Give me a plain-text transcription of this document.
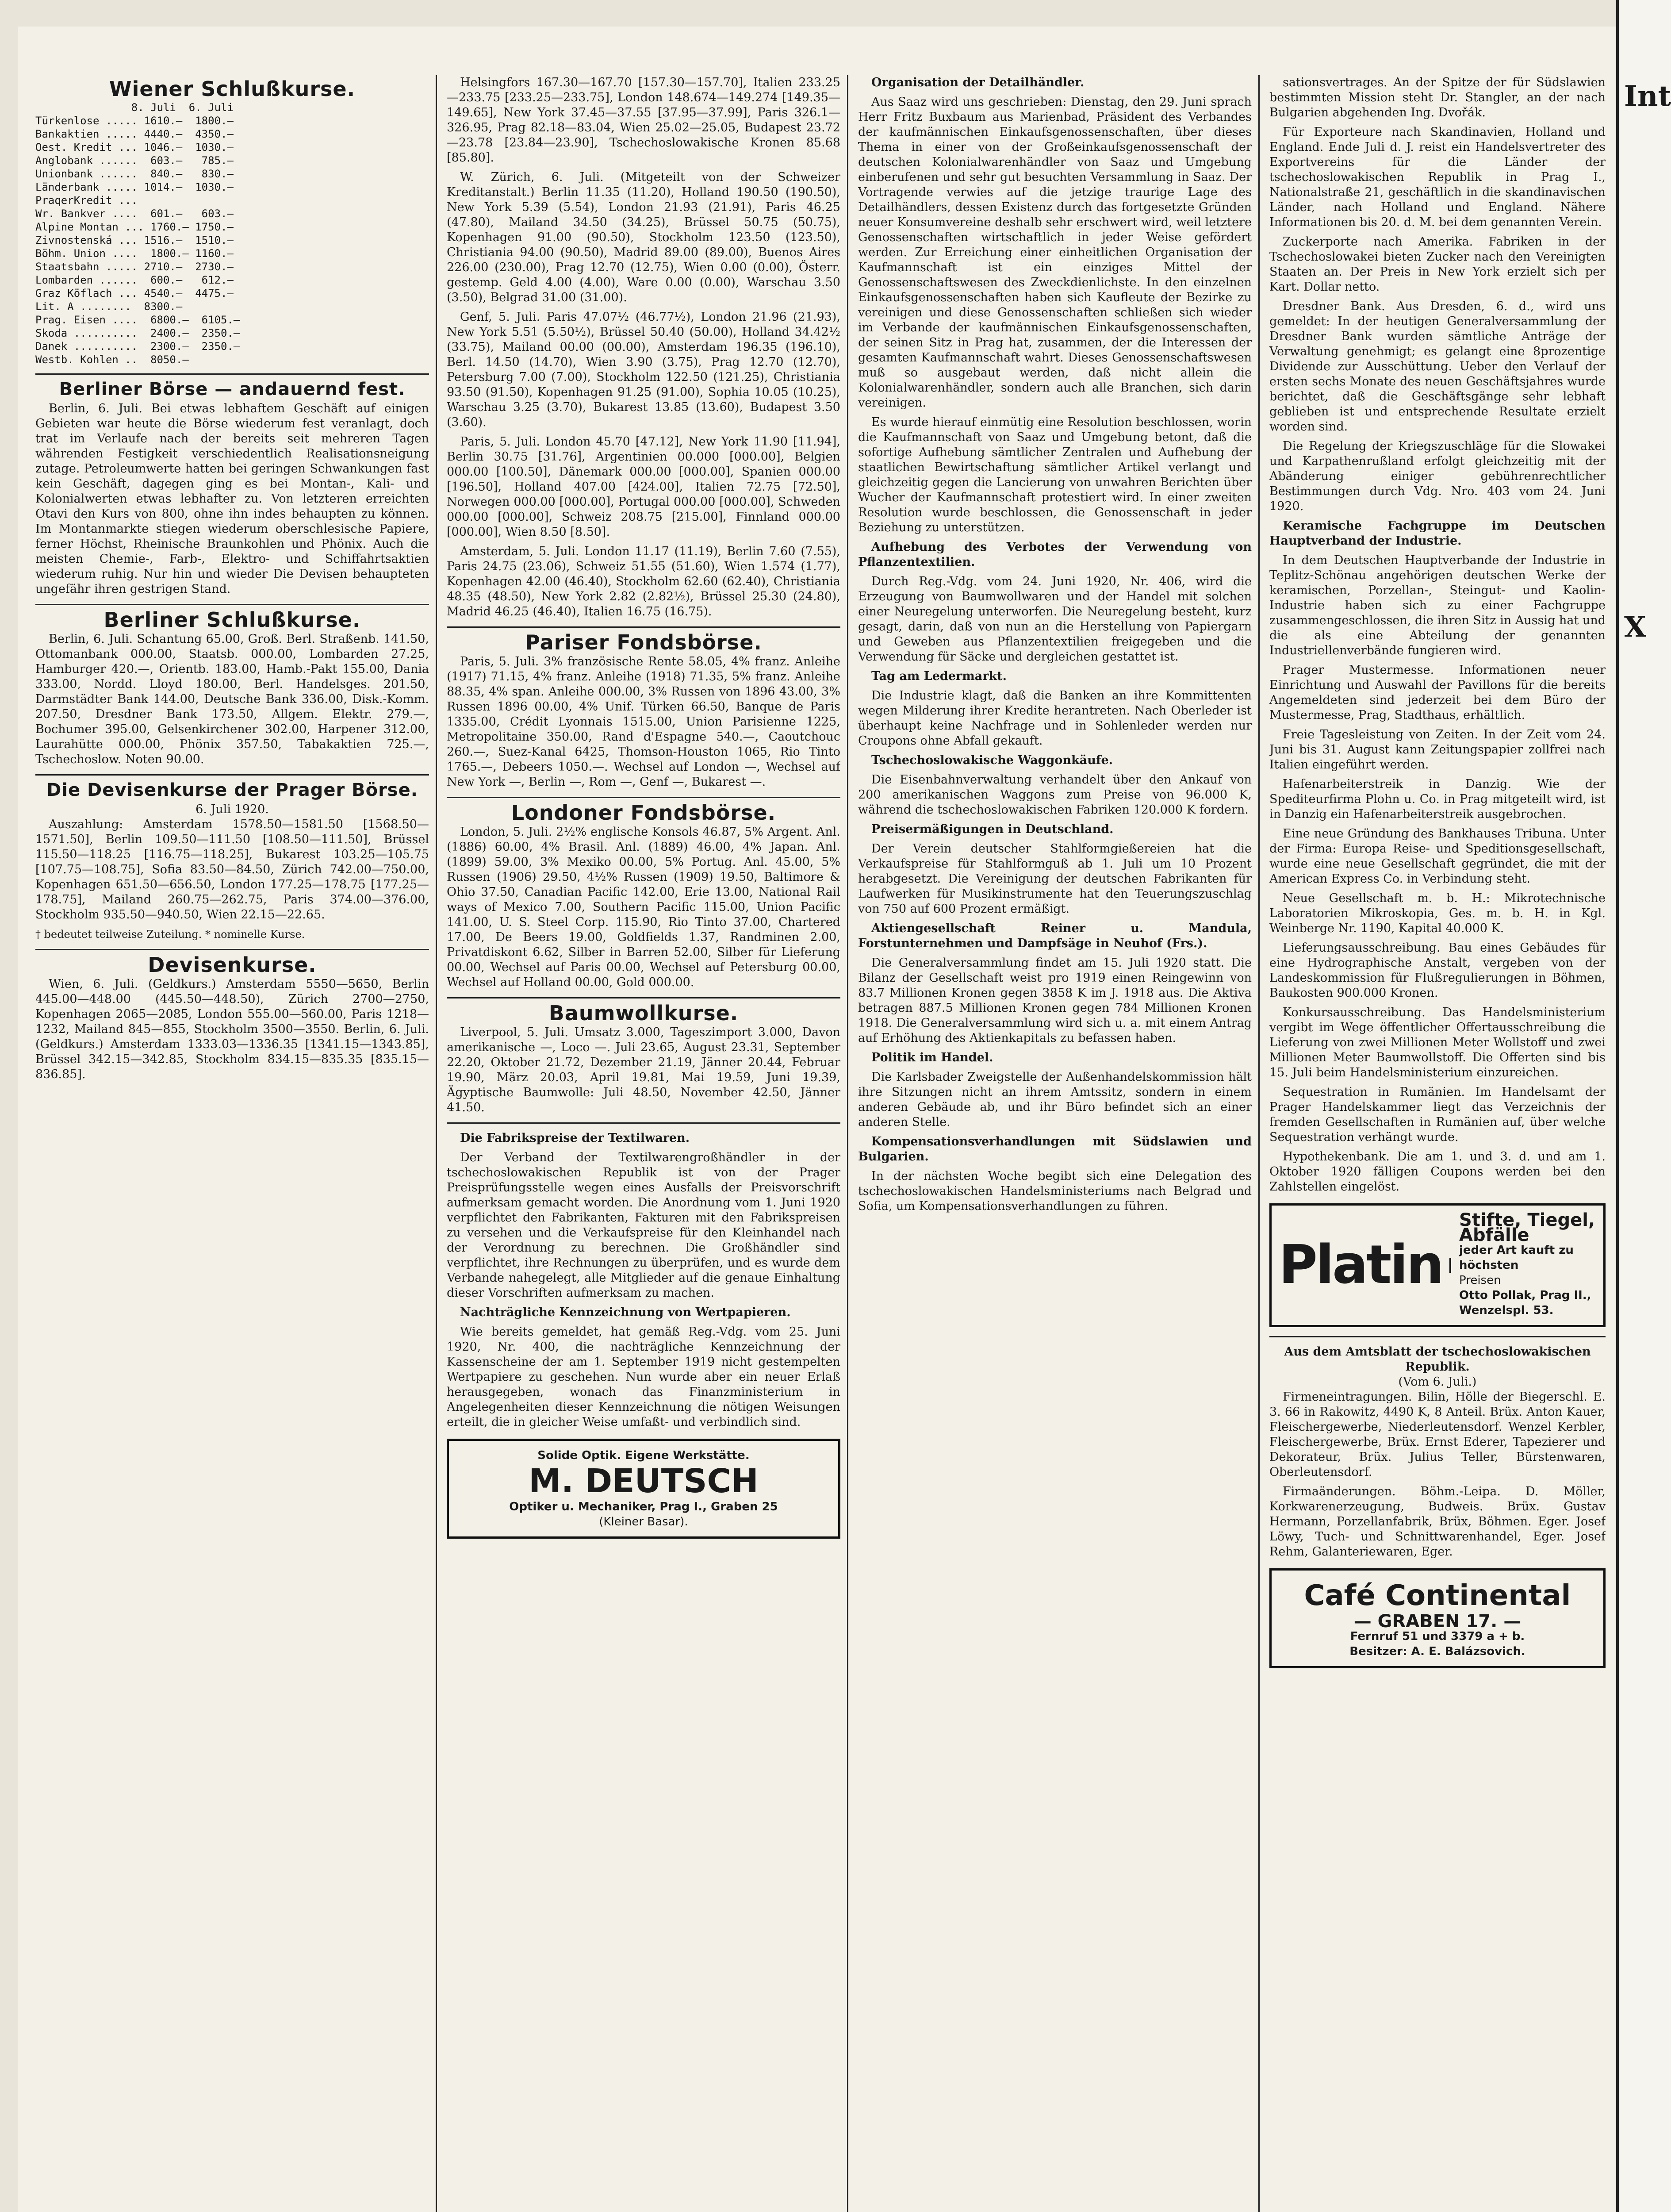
Wiener Schlußkurse.
8. Juli  6. Juli
Türkenlose ..... 1610.—  1800.—
Bankaktien ..... 4440.—  4350.—
Oest. Kredit ... 1046.—  1030.—
Anglobank ......  603.—   785.—
Unionbank ......  840.—   830.—
Länderbank ..... 1014.—  1030.—
PraqerKredit ...
Wr. Bankver ....  601.—   603.—
Alpine Montan ... 1760.— 1750.—
Zivnostenská ... 1516.—  1510.—
Böhm. Union ....  1800.— 1160.—
Staatsbahn ..... 2710.—  2730.—
Lombarden ......  600.—   612.—
Graz Köflach ... 4540.—  4475.—
Lit. A ........  8300.—
Prag. Eisen ....  6800.—  6105.—
Skoda ..........  2400.—  2350.—
Danek ..........  2300.—  2350.—
Westb. Kohlen ..  8050.—
Berliner Börse — andauernd fest.

Berlin, 6. Juli. Bei etwas lebhaftem Geschäft auf einigen Gebieten war heute die Börse wiederum fest veranlagt, doch trat im Verlaufe nach der bereits seit mehreren Tagen währenden Festigkeit verschiedentlich Realisationsneigung zutage. Petroleumwerte hatten bei geringen Schwankungen fast kein Geschäft, dagegen ging es bei Montan-, Kali- und Kolonialwerten etwas lebhafter zu. Von letzteren erreichten Otavi den Kurs von 800, ohne ihn indes behaupten zu können. Im Montanmarkte stiegen wiederum oberschlesische Papiere, ferner Höchst, Rheinische Braunkohlen und Phönix. Auch die meisten Chemie-, Farb-, Elektro- und Schiffahrtsaktien wiederum ruhig. Nur hin und wieder Die Devisen behaupteten ungefähr ihren gestrigen Stand.

Berliner Schlußkurse.

Berlin, 6. Juli. Schantung 65.00, Groß. Berl. Straßenb. 141.50, Ottomanbank 000.00, Staatsb. 000.00, Lombarden 27.25, Hamburger 420.—, Orientb. 183.00, Hamb.-Pakt 155.00, Dania 333.00, Nordd. Lloyd 180.00, Berl. Handelsges. 201.50, Darmstädter Bank 144.00, Deutsche Bank 336.00, Disk.-Komm. 207.50, Dresdner Bank 173.50, Allgem. Elektr. 279.—, Bochumer 395.00, Gelsenkirchener 302.00, Harpener 312.00, Laurahütte 000.00, Phönix 357.50, Tabakaktien 725.—, Tschechoslow. Noten 90.00.

Die Devisenkurse der Prager Börse.
6. Juli 1920.

Auszahlung: Amsterdam 1578.50—1581.50 [1568.50—1571.50], Berlin 109.50—111.50 [108.50—111.50], Brüssel 115.50—118.25 [116.75—118.25], Bukarest 103.25—105.75 [107.75—108.75], Sofia 83.50—84.50, Zürich 742.00—750.00, Kopenhagen 651.50—656.50, London 177.25—178.75 [177.25—178.75], Mailand 260.75—262.75, Paris 374.00—376.00, Stockholm 935.50—940.50, Wien 22.15—22.65.

† bedeutet teilweise Zuteilung. * nominelle Kurse.
Devisenkurse.

Wien, 6. Juli. (Geldkurs.) Amsterdam 5550—5650, Berlin 445.00—448.00 (445.50—448.50), Zürich 2700—2750, Kopenhagen 2065—2085, London 555.00—560.00, Paris 1218—1232, Mailand 845—855, Stockholm 3500—3550. Berlin, 6. Juli. (Geldkurs.) Amsterdam 1333.03—1336.35 [1341.15—1343.85], Brüssel 342.15—342.85, Stockholm 834.15—835.35 [835.15—836.85].

Helsingfors 167.30—167.70 [157.30—157.70], Italien 233.25—233.75 [233.25—233.75], London 148.674—149.274 [149.35—149.65], New York 37.45—37.55 [37.95—37.99], Paris 326.1—326.95, Prag 82.18—83.04, Wien 25.02—25.05, Budapest 23.72—23.78 [23.84—23.90], Tschechoslowakische Kronen 85.68 [85.80].

W. Zürich, 6. Juli. (Mitgeteilt von der Schweizer Kreditanstalt.) Berlin 11.35 (11.20), Holland 190.50 (190.50), New York 5.39 (5.54), London 21.93 (21.91), Paris 46.25 (47.80), Mailand 34.50 (34.25), Brüssel 50.75 (50.75), Kopenhagen 91.00 (90.50), Stockholm 123.50 (123.50), Christiania 94.00 (90.50), Madrid 89.00 (89.00), Buenos Aires 226.00 (230.00), Prag 12.70 (12.75), Wien 0.00 (0.00), Österr. gestemp. Geld 4.00 (4.00), Ware 0.00 (0.00), Warschau 3.50 (3.50), Belgrad 31.00 (31.00).

Genf, 5. Juli. Paris 47.07½ (46.77½), London 21.96 (21.93), New York 5.51 (5.50½), Brüssel 50.40 (50.00), Holland 34.42½ (33.75), Mailand 00.00 (00.00), Amsterdam 196.35 (196.10), Berl. 14.50 (14.70), Wien 3.90 (3.75), Prag 12.70 (12.70), Petersburg 7.00 (7.00), Stockholm 122.50 (121.25), Christiania 93.50 (91.50), Kopenhagen 91.25 (91.00), Sophia 10.05 (10.25), Warschau 3.25 (3.70), Bukarest 13.85 (13.60), Budapest 3.50 (3.60).

Paris, 5. Juli. London 45.70 [47.12], New York 11.90 [11.94], Berlin 30.75 [31.76], Argentinien 00.000 [000.00], Belgien 000.00 [100.50], Dänemark 000.00 [000.00], Spanien 000.00 [196.50], Holland 407.00 [424.00], Italien 72.75 [72.50], Norwegen 000.00 [000.00], Portugal 000.00 [000.00], Schweden 000.00 [000.00], Schweiz 208.75 [215.00], Finnland 000.00 [000.00], Wien 8.50 [8.50].

Amsterdam, 5. Juli. London 11.17 (11.19), Berlin 7.60 (7.55), Paris 24.75 (23.06), Schweiz 51.55 (51.60), Wien 1.574 (1.77), Kopenhagen 42.00 (46.40), Stockholm 62.60 (62.40), Christiania 48.35 (48.50), New York 2.82 (2.82½), Brüssel 25.30 (24.80), Madrid 46.25 (46.40), Italien 16.75 (16.75).

Pariser Fondsbörse.

Paris, 5. Juli. 3% französische Rente 58.05, 4% franz. Anleihe (1917) 71.15, 4% franz. Anleihe (1918) 71.35, 5% franz. Anleihe 88.35, 4% span. Anleihe 000.00, 3% Russen von 1896 43.00, 3% Russen 1896 00.00, 4% Unif. Türken 66.50, Banque de Paris 1335.00, Crédit Lyonnais 1515.00, Union Parisienne 1225, Metropolitaine 350.00, Rand d'Espagne 540.—, Caoutchouc 260.—, Suez-Kanal 6425, Thomson-Houston 1065, Rio Tinto 1765.—, Debeers 1050.—. Wechsel auf London —, Wechsel auf New York —, Berlin —, Rom —, Genf —, Bukarest —.

Londoner Fondsbörse.

London, 5. Juli. 2½% englische Konsols 46.87, 5% Argent. Anl. (1886) 60.00, 4% Brasil. Anl. (1889) 46.00, 4% Japan. Anl. (1899) 59.00, 3% Mexiko 00.00, 5% Portug. Anl. 45.00, 5% Russen (1906) 29.50, 4½% Russen (1909) 19.50, Baltimore & Ohio 37.50, Canadian Pacific 142.00, Erie 13.00, National Rail ways of Mexico 7.00, Southern Pacific 115.00, Union Pacific 141.00, U. S. Steel Corp. 115.90, Rio Tinto 37.00, Chartered 17.00, De Beers 19.00, Goldfields 1.37, Randminen 2.00, Privatdiskont 6.62, Silber in Barren 52.00, Silber für Lieferung 00.00, Wechsel auf Paris 00.00, Wechsel auf Petersburg 00.00, Wechsel auf Holland 00.00, Gold 000.00.

Baumwollkurse.

Liverpool, 5. Juli. Umsatz 3.000, Tageszimport 3.000, Davon amerikanische —, Loco —. Juli 23.65, August 23.31, September 22.20, Oktober 21.72, Dezember 21.19, Jänner 20.44, Februar 19.90, März 20.03, April 19.81, Mai 19.59, Juni 19.39, Ägyptische Baumwolle: Juli 48.50, November 42.50, Jänner 41.50.

Die Fabrikspreise der Textilwaren.

Der Verband der Textilwarengroßhändler in der tschechoslowakischen Republik ist von der Prager Preisprüfungsstelle wegen eines Ausfalls der Preisvorschrift aufmerksam gemacht worden. Die Anordnung vom 1. Juni 1920 verpflichtet den Fabrikanten, Fakturen mit den Fabrikspreisen zu versehen und die Verkaufspreise für den Kleinhandel nach der Verordnung zu berechnen. Die Großhändler sind verpflichtet, ihre Rechnungen zu überprüfen, und es wurde dem Verbande nahegelegt, alle Mitglieder auf die genaue Einhaltung dieser Vorschriften aufmerksam zu machen.

Nachträgliche Kennzeichnung von Wertpapieren.

Wie bereits gemeldet, hat gemäß Reg.-Vdg. vom 25. Juni 1920, Nr. 400, die nachträgliche Kennzeichnung der Kassenscheine der am 1. September 1919 nicht gestempelten Wertpapiere zu geschehen. Nun wurde aber ein neuer Erlaß herausgegeben, wonach das Finanzministerium in Angelegenheiten dieser Kennzeichnung die nötigen Weisungen erteilt, die in gleicher Weise umfaßt- und verbindlich sind.

Solide Optik. Eigene Werkstätte.
M. DEUTSCH
Optiker u. Mechaniker, Prag I., Graben 25
(Kleiner Basar).

Organisation der Detailhändler.

Aus Saaz wird uns geschrieben: Dienstag, den 29. Juni sprach Herr Fritz Buxbaum aus Marienbad, Präsident des Verbandes der kaufmännischen Einkaufsgenossenschaften, über dieses Thema in einer von der Großeinkaufsgenossenschaft der deutschen Kolonialwarenhändler von Saaz und Umgebung einberufenen und sehr gut besuchten Versammlung in Saaz. Der Vortragende verwies auf die jetzige traurige Lage des Detailhändlers, dessen Existenz durch das fortgesetzte Gründen neuer Konsumvereine deshalb sehr erschwert wird, weil letztere Genossenschaften wirtschaftlich in jeder Weise gefördert werden. Zur Erreichung einer einheitlichen Organisation der Kaufmannschaft ist ein einziges Mittel der Genossenschaftswesen des Zweckdienlichste. In den einzelnen Einkaufsgenossenschaften haben sich Kaufleute der Bezirke zu vereinigen und diese Genossenschaften schließen sich wieder im Verbande der kaufmännischen Einkaufsgenossenschaften, der seinen Sitz in Prag hat, zusammen, der die Interessen der gesamten Kaufmannschaft wahrt. Dieses Genossenschaftswesen muß so ausgebaut werden, daß nicht allein die Kolonialwarenhändler, sondern auch alle Branchen, sich darin vereinigen.

Es wurde hierauf einmütig eine Resolution beschlossen, worin die Kaufmannschaft von Saaz und Umgebung betont, daß die sofortige Aufhebung sämtlicher Zentralen und Aufhebung der staatlichen Bewirtschaftung sämtlicher Artikel verlangt und gleichzeitig gegen die Lancierung von unwahren Berichten über Wucher der Kaufmannschaft protestiert wird. In einer zweiten Resolution wurde beschlossen, die Genossenschaft in jeder Beziehung zu unterstützen.

Aufhebung des Verbotes der Verwendung von Pflanzentextilien.

Durch Reg.-Vdg. vom 24. Juni 1920, Nr. 406, wird die Erzeugung von Baumwollwaren und der Handel mit solchen einer Neuregelung unterworfen. Die Neuregelung besteht, kurz gesagt, darin, daß von nun an die Herstellung von Papiergarn und Geweben aus Pflanzentextilien freigegeben und die Verwendung für Säcke und dergleichen gestattet ist.

Tag am Ledermarkt.

Die Industrie klagt, daß die Banken an ihre Kommittenten wegen Milderung ihrer Kredite herantreten. Nach Oberleder ist überhaupt keine Nachfrage und in Sohlenleder werden nur Croupons ohne Abfall gekauft.

Tschechoslowakische Waggonkäufe.

Die Eisenbahnverwaltung verhandelt über den Ankauf von 200 amerikanischen Waggons zum Preise von 96.000 K, während die tschechoslowakischen Fabriken 120.000 K fordern.

Preisermäßigungen in Deutschland.

Der Verein deutscher Stahlformgießereien hat die Verkaufspreise für Stahlformguß ab 1. Juli um 10 Prozent herabgesetzt. Die Vereinigung der deutschen Fabrikanten für Laufwerken für Musikinstrumente hat den Teuerungszuschlag von 750 auf 600 Prozent ermäßigt.

Aktiengesellschaft Reiner u. Mandula, Forstunternehmen und Dampfsäge in Neuhof (Frs.).

Die Generalversammlung findet am 15. Juli 1920 statt. Die Bilanz der Gesellschaft weist pro 1919 einen Reingewinn von 83.7 Millionen Kronen gegen 3858 K im J. 1918 aus. Die Aktiva betragen 887.5 Millionen Kronen gegen 784 Millionen Kronen 1918. Die Generalversammlung wird sich u. a. mit einem Antrag auf Erhöhung des Aktienkapitals zu befassen haben.

Politik im Handel.

Die Karlsbader Zweigstelle der Außenhandelskommission hält ihre Sitzungen nicht an ihrem Amtssitz, sondern in einem anderen Gebäude ab, und ihr Büro befindet sich an einer anderen Stelle.

Kompensationsverhandlungen mit Südslawien und Bulgarien.

In der nächsten Woche begibt sich eine Delegation des tschechoslowakischen Handelsministeriums nach Belgrad und Sofia, um Kompensationsverhandlungen zu führen.

sationsvertrages. An der Spitze der für Südslawien bestimmten Mission steht Dr. Stangler, an der nach Bulgarien abgehenden Ing. Dvořák.

Für Exporteure nach Skandinavien, Holland und England. Ende Juli d. J. reist ein Handelsvertreter des Exportvereins für die Länder der tschechoslowakischen Republik in Prag I., Nationalstraße 21, geschäftlich in die skandinavischen Länder, nach Holland und England. Nähere Informationen bis 20. d. M. bei dem genannten Verein.

Zuckerporte nach Amerika. Fabriken in der Tschechoslowakei bieten Zucker nach den Vereinigten Staaten an. Der Preis in New York erzielt sich per Kart. Dollar netto.

Dresdner Bank. Aus Dresden, 6. d., wird uns gemeldet: In der heutigen Generalversammlung der Dresdner Bank wurden sämtliche Anträge der Verwaltung genehmigt; es gelangt eine 8prozentige Dividende zur Ausschüttung. Ueber den Verlauf der ersten sechs Monate des neuen Geschäftsjahres wurde berichtet, daß die Geschäftsgänge sehr lebhaft geblieben ist und entsprechende Resultate erzielt worden sind.

Die Regelung der Kriegszuschläge für die Slowakei und Karpathenrußland erfolgt gleichzeitig mit der Abänderung einiger gebührenrechtlicher Bestimmungen durch Vdg. Nro. 403 vom 24. Juni 1920.

Keramische Fachgruppe im Deutschen Hauptverband der Industrie.

In dem Deutschen Hauptverbande der Industrie in Teplitz-Schönau angehörigen deutschen Werke der keramischen, Porzellan-, Steingut- und Kaolin-Industrie haben sich zu einer Fachgruppe zusammengeschlossen, die ihren Sitz in Aussig hat und die als eine Abteilung der genannten Industriellenverbände fungieren wird.

Prager Mustermesse. Informationen neuer Einrichtung und Auswahl der Pavillons für die bereits Angemeldeten sind jederzeit bei dem Büro der Mustermesse, Prag, Stadthaus, erhältlich.

Freie Tagesleistung von Zeiten. In der Zeit vom 24. Juni bis 31. August kann Zeitungspapier zollfrei nach Italien eingeführt werden.

Hafenarbeiterstreik in Danzig. Wie der Spediteurfirma Plohn u. Co. in Prag mitgeteilt wird, ist in Danzig ein Hafenarbeiterstreik ausgebrochen.

Eine neue Gründung des Bankhauses Tribuna. Unter der Firma: Europa Reise- und Speditionsgesellschaft, wurde eine neue Gesellschaft gegründet, die mit der American Express Co. in Verbindung steht.

Neue Gesellschaft m. b. H.: Mikrotechnische Laboratorien Mikroskopia, Ges. m. b. H. in Kgl. Weinberge Nr. 1190, Kapital 40.000 K.

Lieferungsausschreibung. Bau eines Gebäudes für eine Hydrographische Anstalt, vergeben von der Landeskommission für Flußregulierungen in Böhmen, Baukosten 900.000 Kronen.

Konkursausschreibung. Das Handelsministerium vergibt im Wege öffentlicher Offertausschreibung die Lieferung von zwei Millionen Meter Wollstoff und zwei Millionen Meter Baumwollstoff. Die Offerten sind bis 15. Juli beim Handelsministerium einzureichen.

Sequestration in Rumänien. Im Handelsamt der Prager Handelskammer liegt das Verzeichnis der fremden Gesellschaften in Rumänien auf, über welche Sequestration verhängt wurde.

Hypothekenbank. Die am 1. und 3. d. und am 1. Oktober 1920 fälligen Coupons werden bei den Zahlstellen eingelöst.

Platin
Stifte, Tiegel,
Abfälle
jeder Art kauft zu höchsten
Preisen
Otto Pollak, Prag II., Wenzelspl. 53.
Aus dem Amtsblatt der tschechoslowakischen Republik.
(Vom 6. Juli.)

Firmeneintragungen. Bilin, Hölle der Biegerschl. E. 3. 66 in Rakowitz, 4490 K, 8 Anteil. Brüx. Anton Kauer, Fleischergewerbe, Niederleutensdorf. Wenzel Kerbler, Fleischergewerbe, Brüx. Ernst Ederer, Tapezierer und Dekorateur, Brüx. Julius Teller, Bürstenwaren, Oberleutensdorf.

Firmaänderungen. Böhm.-Leipa. D. Möller, Korkwarenerzeugung, Budweis. Brüx. Gustav Hermann, Porzellanfabrik, Brüx, Böhmen. Eger. Josef Löwy, Tuch- und Schnittwarenhandel, Eger. Josef Rehm, Galanteriewaren, Eger.

Café Continental
— GRABEN 17. —
Fernruf 51 und 3379 a + b.
Besitzer: A. E. Balázsovich.
Int
X
